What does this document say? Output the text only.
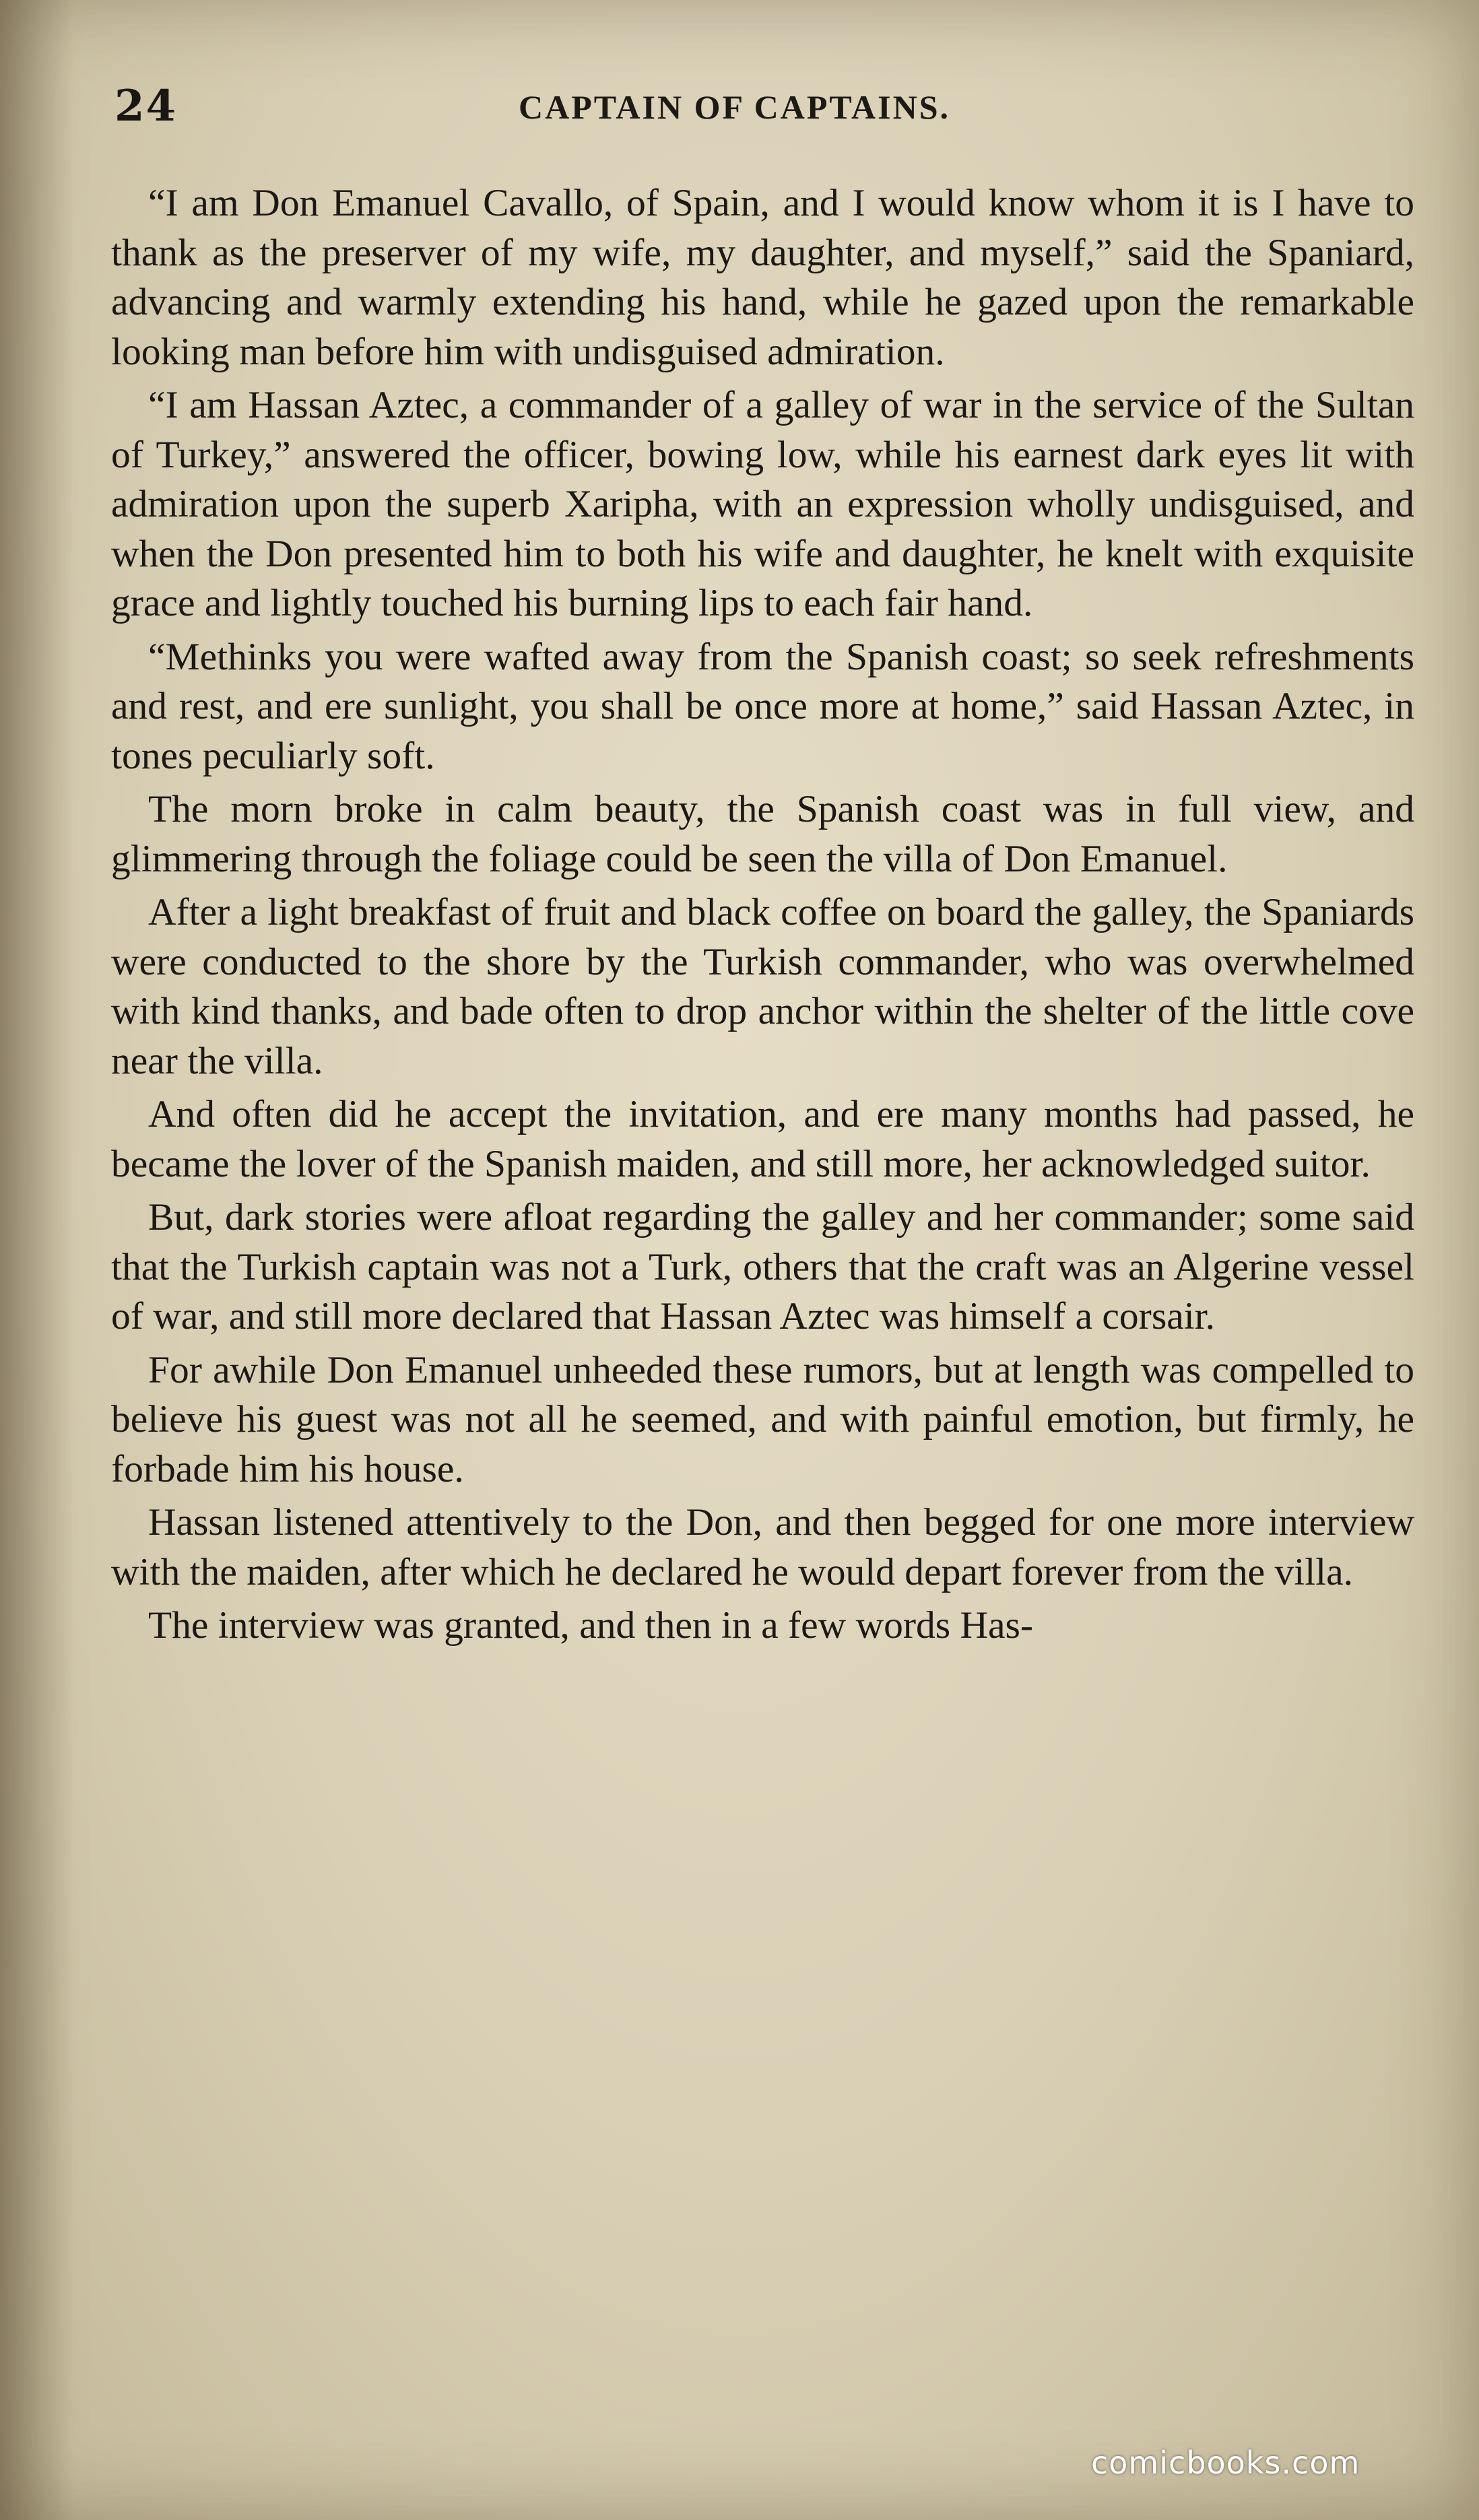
24	CAPTAIN OF CAPTAINS.

“I am Don Emanuel Cavallo, of Spain, and I would know whom it is I have to thank as the preserver of my wife, my daughter, and myself,” said the Spaniard, advancing and warmly extending his hand, while he gazed upon the remarkable looking man before him with undisguised admiration.

“I am Hassan Aztec, a commander of a galley of war in the service of the Sultan of Turkey,” answered the officer, bowing low, while his earnest dark eyes lit with admiration upon the superb Xaripha, with an expression wholly undisguised, and when the Don presented him to both his wife and daughter, he knelt with exquisite grace and lightly touched his burning lips to each fair hand.

“Methinks you were wafted away from the Spanish coast; so seek refreshments and rest, and ere sunlight, you shall be once more at home,” said Hassan Aztec, in tones peculiarly soft.

The morn broke in calm beauty, the Spanish coast was in full view, and glimmering through the foliage could be seen the villa of Don Emanuel.

After a light breakfast of fruit and black coffee on board the galley, the Spaniards were conducted to the shore by the Turkish commander, who was overwhelmed with kind thanks, and bade often to drop anchor within the shelter of the little cove near the villa.

And often did he accept the invitation, and ere many months had passed, he became the lover of the Spanish maiden, and still more, her acknowledged suitor.

But, dark stories were afloat regarding the galley and her commander; some said that the Turkish captain was not a Turk, others that the craft was an Algerine vessel of war, and still more declared that Hassan Aztec was himself a corsair.

For awhile Don Emanuel unheeded these rumors, but at length was compelled to believe his guest was not all he seemed, and with painful emotion, but firmly, he forbade him his house.

Hassan listened attentively to the Don, and then begged for one more interview with the maiden, after which he declared he would depart forever from the villa.

The interview was granted, and then in a few words Has-

comicbooks.com
